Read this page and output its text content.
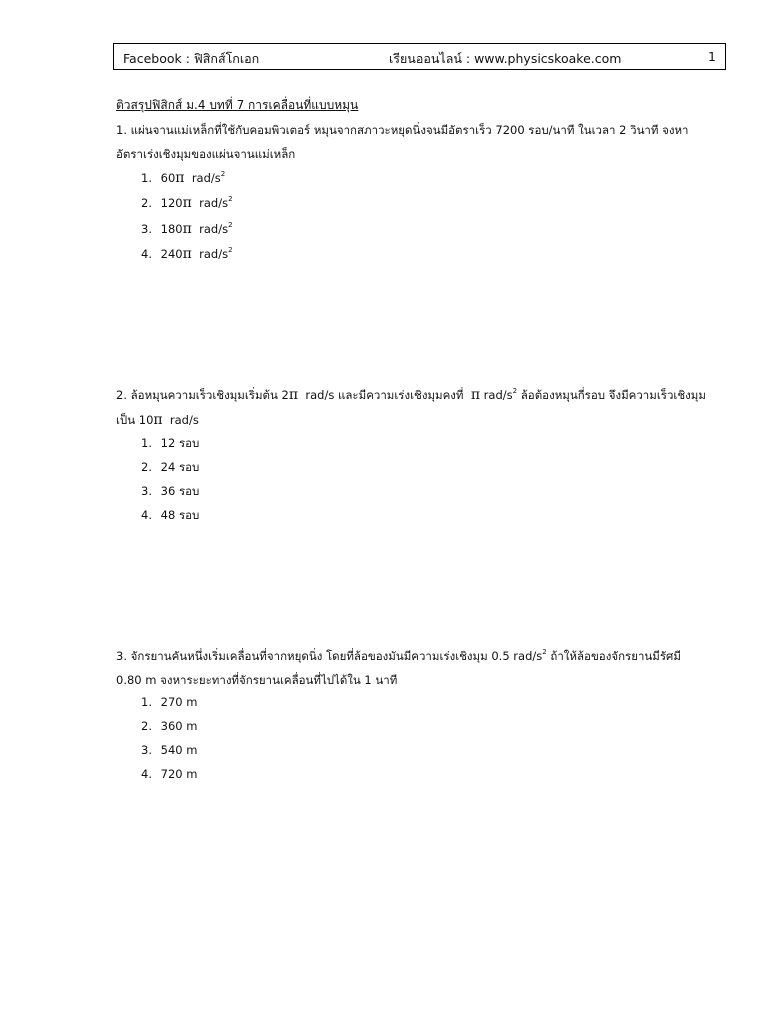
Facebook : ฟิสิกส์โกเอก	เรียนออนไลน์ : www.physicskoake.com	1
ติวสรุปฟิสิกส์ ม.4 บทที่ 7 การเคลื่อนที่แบบหมุน
1. แผ่นจานแม่เหล็กที่ใช้กับคอมพิวเตอร์ หมุนจากสภาวะหยุดนิ่งจนมีอัตราเร็ว 7200 รอบ/นาที ในเวลา 2 วินาที จงหา
อัตราเร่งเชิงมุมของแผ่นจานแม่เหล็ก
1. 60π rad/$s^2$
2. 120π rad/$s^2$
3. 180π rad/$s^2$
4. 240π rad/$s^2$
2. ล้อหมุนความเร็วเชิงมุมเริ่มต้น 2π rad/s และมีความเร่งเชิงมุมคงที่ π rad/$s^2$ ล้อต้องหมุนกี่รอบ จึงมีความเร็วเชิงมุม
เป็น 10π rad/s
1. 12 รอบ
2. 24 รอบ
3. 36 รอบ
4. 48 รอบ
3. จักรยานคันหนึ่งเริ่มเคลื่อนที่จากหยุดนิ่ง โดยที่ล้อของมันมีความเร่งเชิงมุม 0.5 rad/$s^2$ ถ้าให้ล้อของจักรยานมีรัศมี
0.80 m จงหาระยะทางที่จักรยานเคลื่อนที่ไปได้ใน 1 นาที
1. 270 m
2. 360 m
3. 540 m
4. 720 m
